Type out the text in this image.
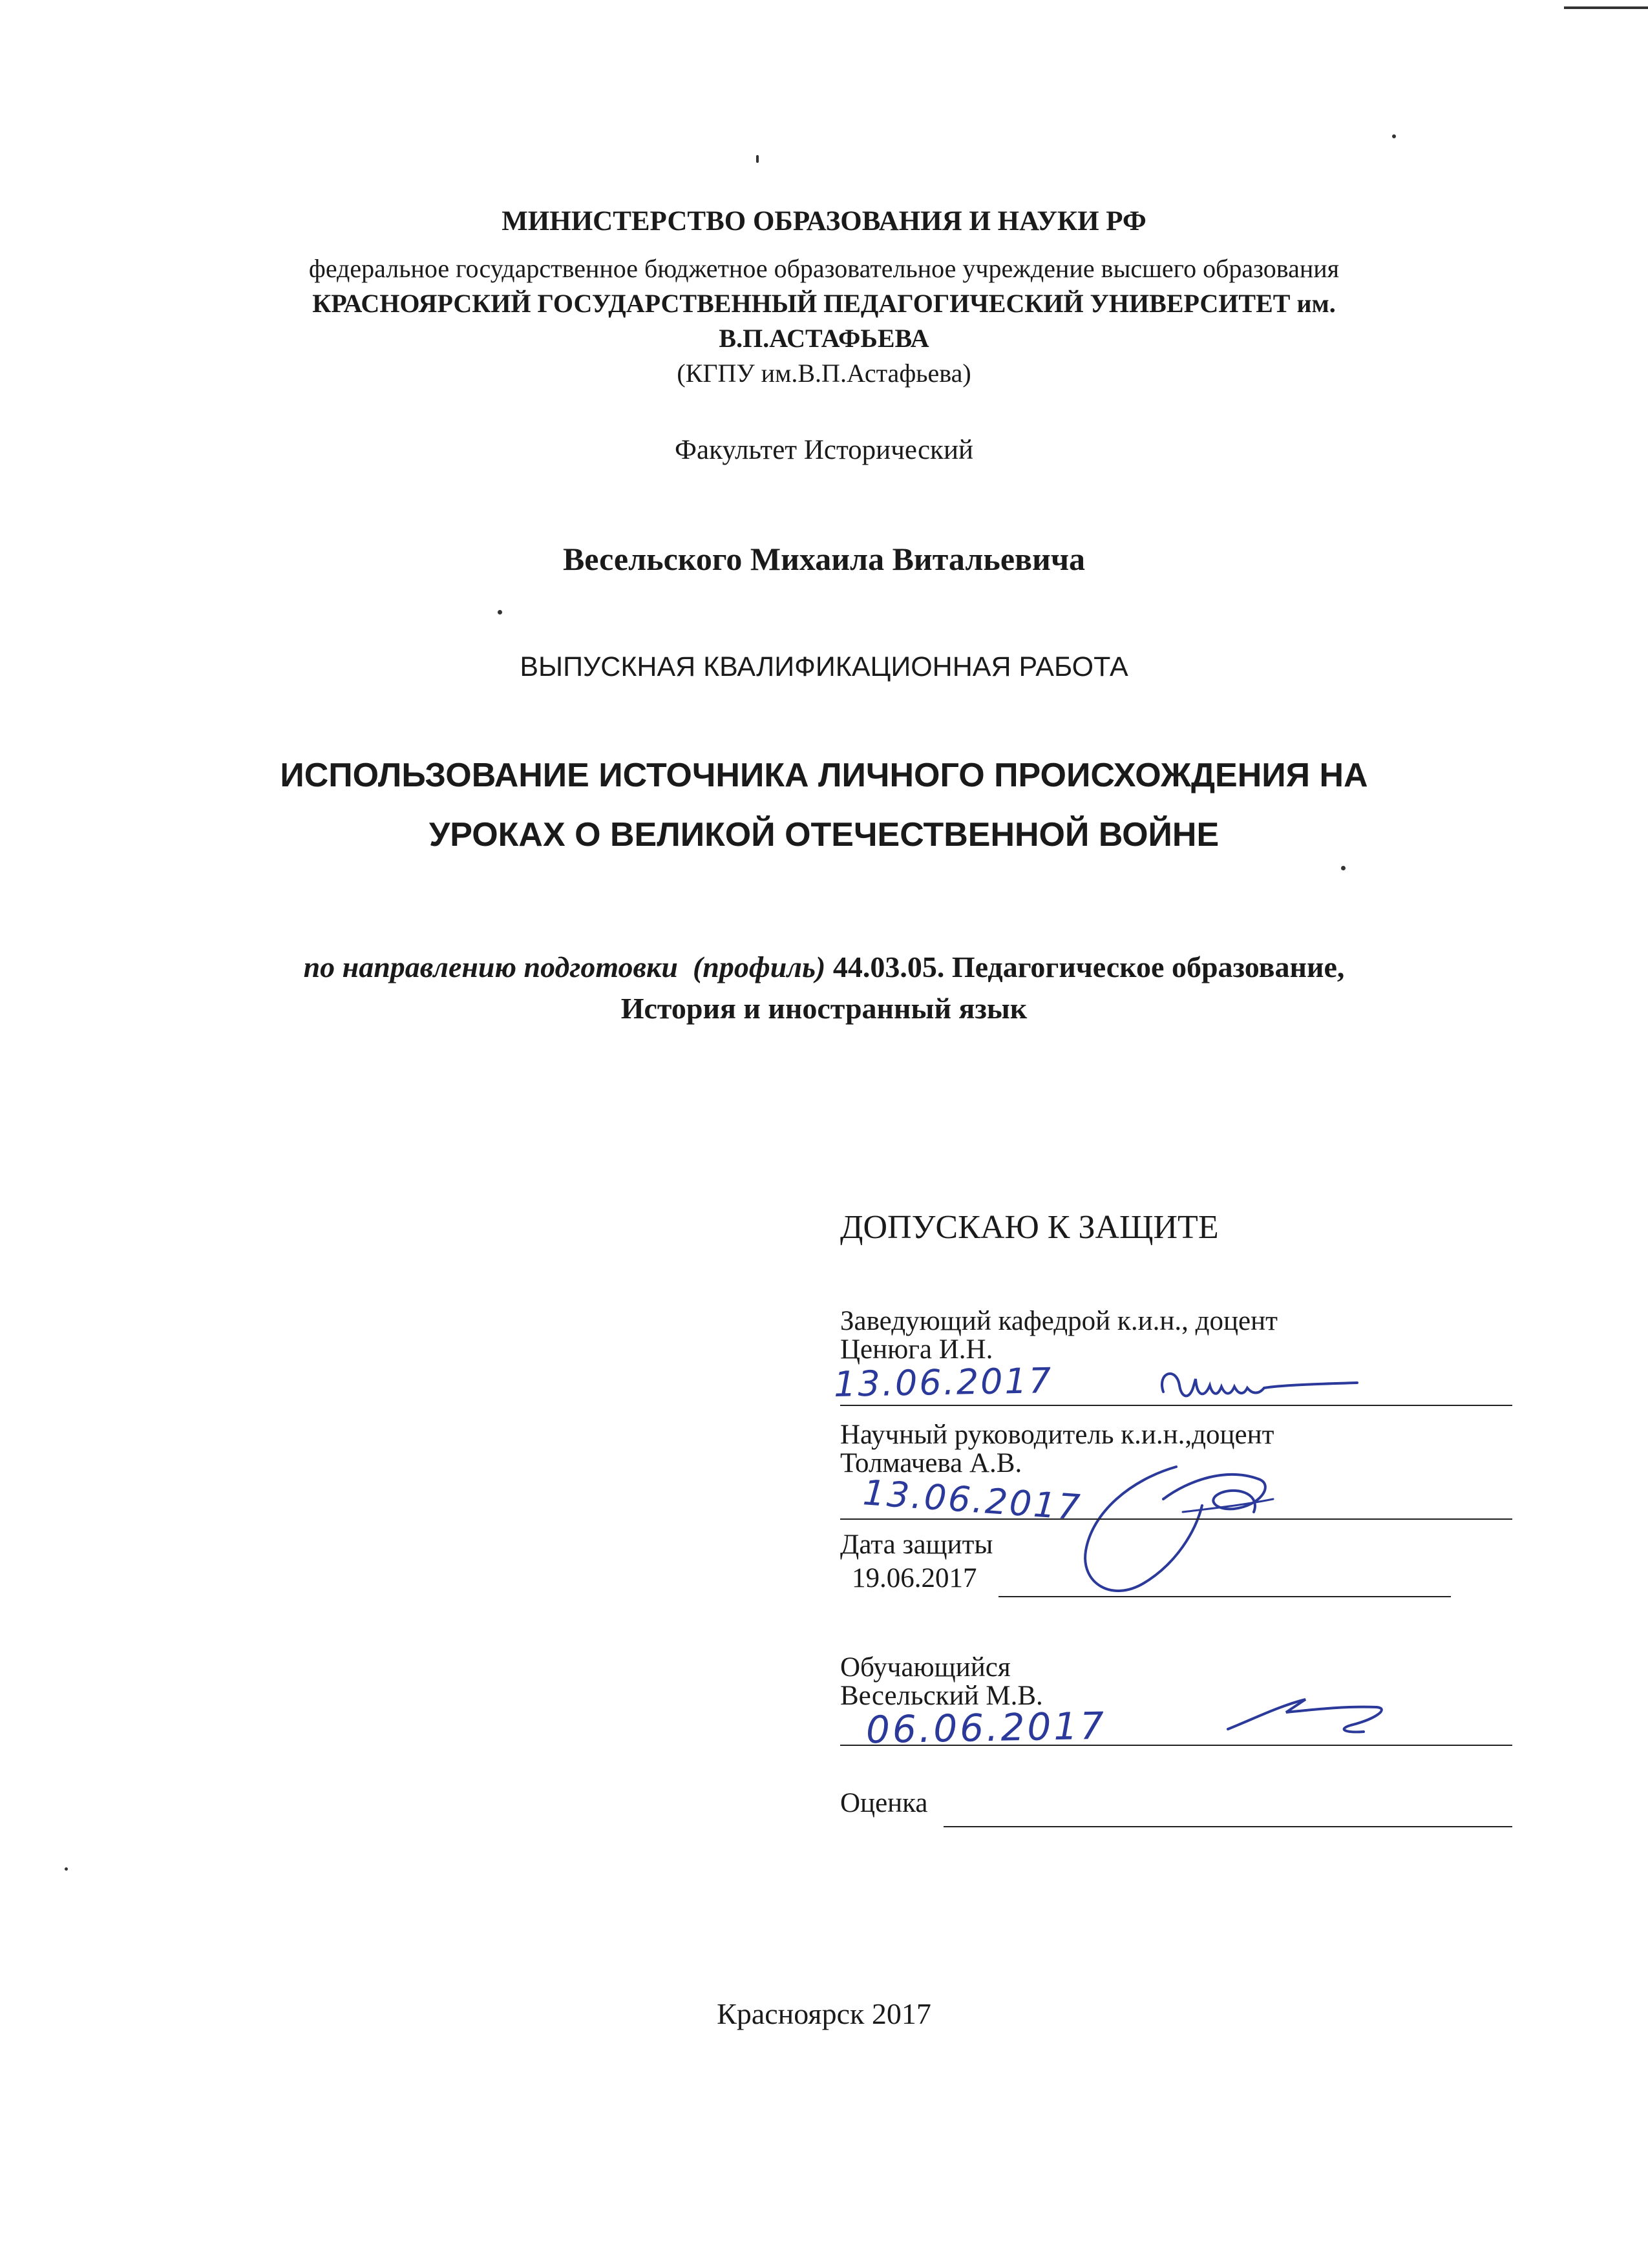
МИНИСТЕРСТВО ОБРАЗОВАНИЯ И НАУКИ РФ
федеральное государственное бюджетное образовательное учреждение высшего образования
КРАСНОЯРСКИЙ ГОСУДАРСТВЕННЫЙ ПЕДАГОГИЧЕСКИЙ УНИВЕРСИТЕТ им.
В.П.АСТАФЬЕВА
(КГПУ им.В.П.Астафьева)
Факультет Исторический
Весельского Михаила Витальевича
ВЫПУСКНАЯ КВАЛИФИКАЦИОННАЯ РАБОТА
ИСПОЛЬЗОВАНИЕ ИСТОЧНИКА ЛИЧНОГО ПРОИСХОЖДЕНИЯ НА
УРОКАХ О ВЕЛИКОЙ ОТЕЧЕСТВЕННОЙ ВОЙНЕ
по направлению подготовки  (профиль) 44.03.05. Педагогическое образование,
История и иностранный язык
ДОПУСКАЮ К ЗАЩИТЕ
Заведующий кафедрой к.и.н., доцент
Ценюга И.Н.
13.06.2017
Научный руководитель к.и.н.,доцент
Толмачева А.В.
13.06.2017
Дата защиты
19.06.2017
Обучающийся
Весельский М.В.
06.06.2017
Оценка
Красноярск 2017
